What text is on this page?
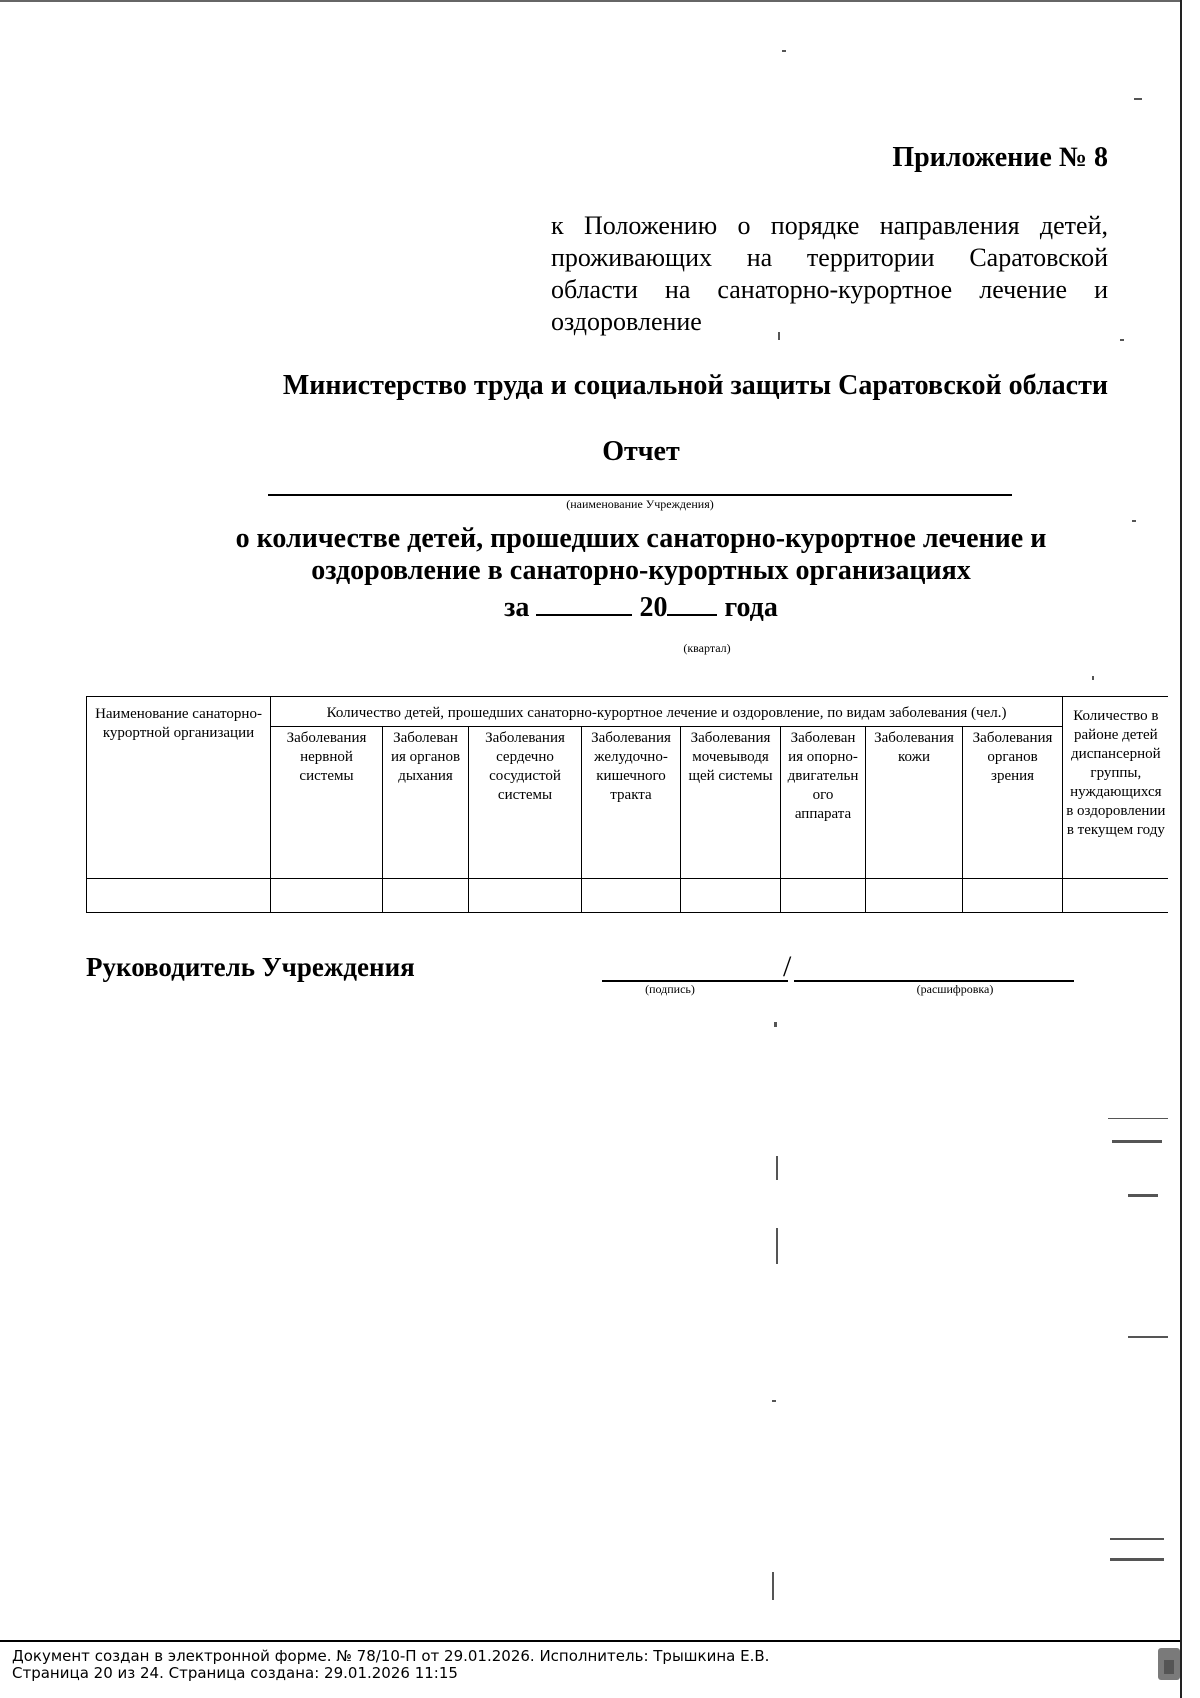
Приложение № 8
к Положению о порядке направления детей,
проживающих на территории Саратовской
области на санаторно-курортное лечение и
оздоровление
Министерство труда и социальной защиты Саратовской области
Отчет
(наименование Учреждения)
о количестве детей, прошедших санаторно-курортное лечение и
оздоровление в санаторно-курортных организациях
за	20 года
(квартал)
Наименование санаторно-курортной организации	Количество детей, прошедших санаторно-курортное лечение и оздоровление, по видам заболевания (чел.)								Количество в районе детей диспансерной группы, нуждающихся в оздоровлении в текущем году
	Заболевания нервной системы	Заболеван ия органов дыхания	Заболевания сердечно сосудистой системы	Заболевания желудочно-кишечного тракта	Заболевания мочевыводя щей системы	Заболеван ия опорно-двигательн ого аппарата	Заболевания кожи	Заболевания органов зрения	

Руководитель Учреждения	/
(подпись)	(расшифровка)
Документ создан в электронной форме. № 78/10-П от 29.01.2026. Исполнитель: Трышкина Е.В.
Страница 20 из 24. Страница создана: 29.01.2026 11:15
